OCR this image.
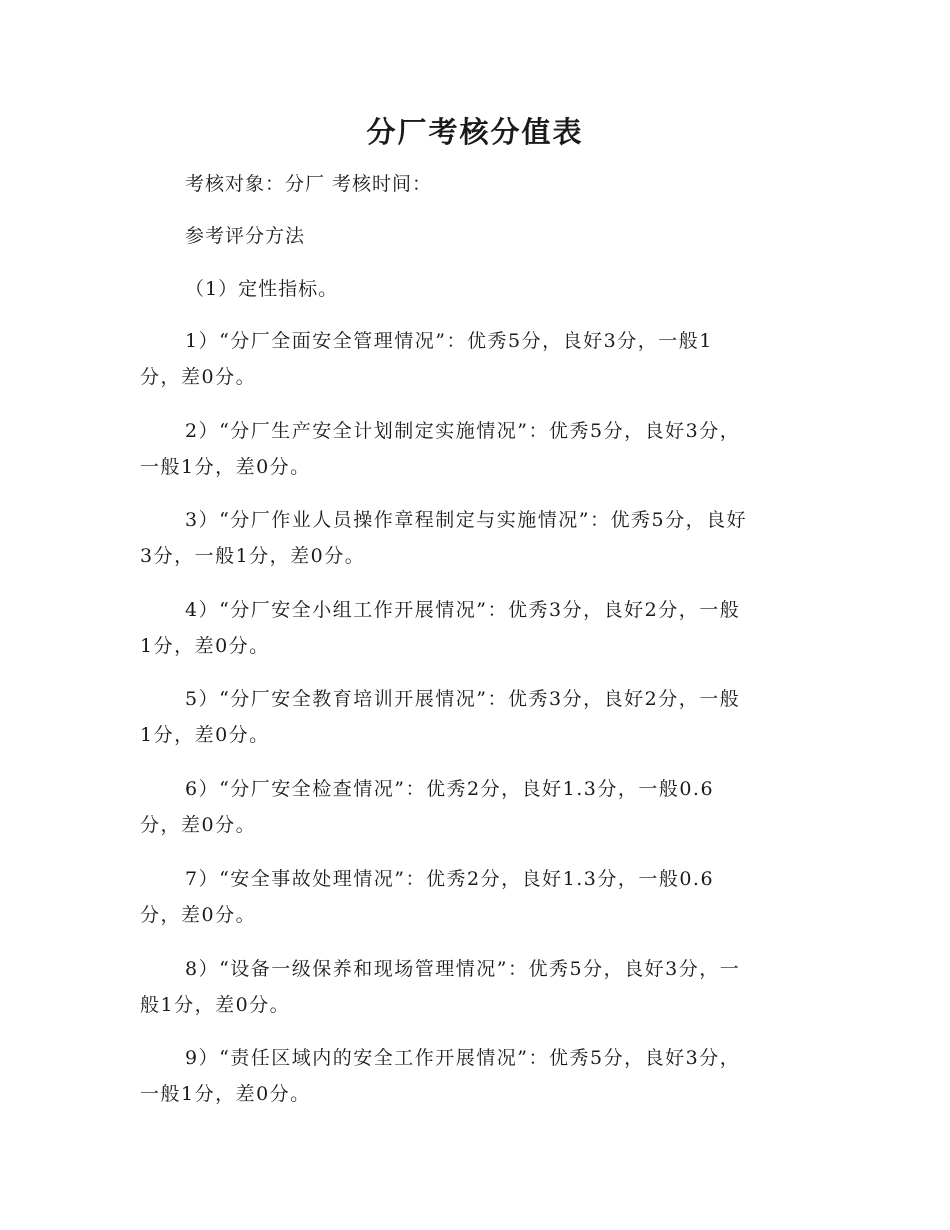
分厂考核分值表
考核对象：分厂 考核时间：
参考评分方法
（1）定性指标。
1）“分厂全面安全管理情况”：优秀5分，良好3分，一般1
分，差0分。
2）“分厂生产安全计划制定实施情况”：优秀5分，良好3分，
一般1分，差0分。
3）“分厂作业人员操作章程制定与实施情况”：优秀5分，良好
3分，一般1分，差0分。
4）“分厂安全小组工作开展情况”：优秀3分，良好2分，一般
1分，差0分。
5）“分厂安全教育培训开展情况”：优秀3分，良好2分，一般
1分，差0分。
6）“分厂安全检查情况”：优秀2分，良好1.3分，一般0.6
分，差0分。
7）“安全事故处理情况”：优秀2分，良好1.3分，一般0.6
分，差0分。
8）“设备一级保养和现场管理情况”：优秀5分，良好3分，一
般1分，差0分。
9）“责任区域内的安全工作开展情况”：优秀5分，良好3分，
一般1分，差0分。
